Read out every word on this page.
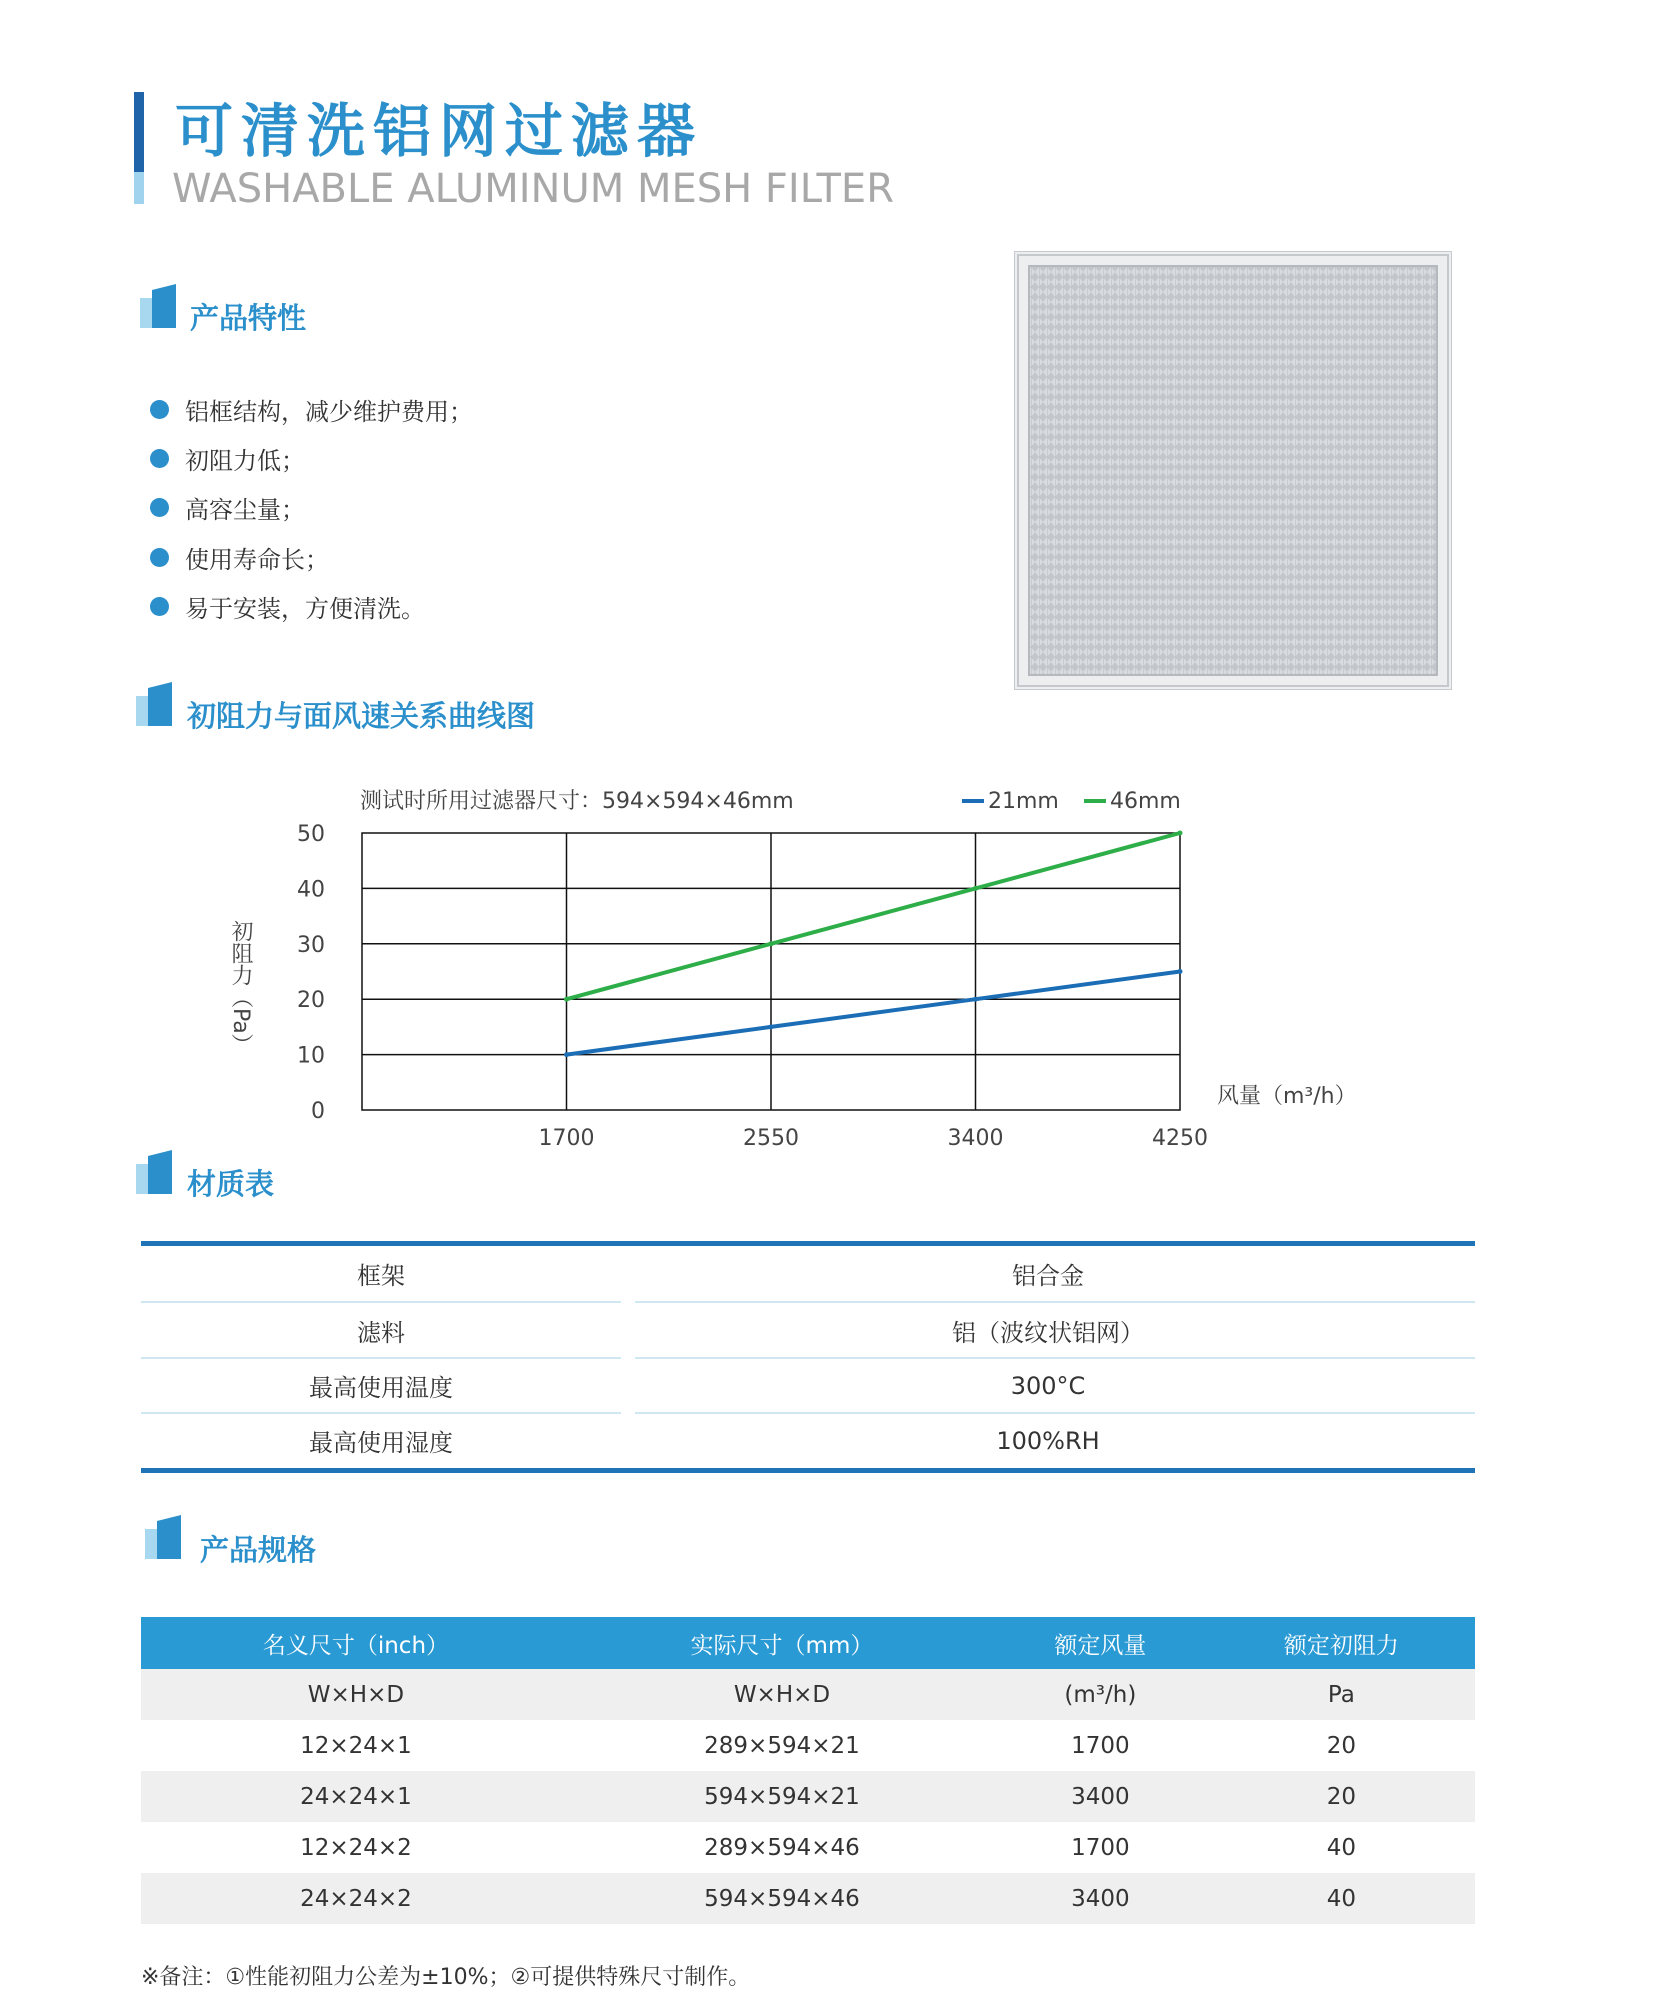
可清洗铝网过滤器
WASHABLE ALUMINUM MESH FILTER
产品特性
铝框结构，减少维护费用；
初阻力低；
高容尘量；
使用寿命长；
易于安装，方便清洗。
初阻力与面风速关系曲线图
测试时所用过滤器尺寸：594×594×46mm	21mm 46mm
0
10
20
30
40
50
1700	2550	3400	4250
风量（m³/h）
初阻力（Pa）
材质表
框架	铝合金
滤料	铝（波纹状铝网）
最高使用温度	300°C
最高使用湿度	100%RH
产品规格
名义尺寸（inch）	实际尺寸（mm）	额定风量	额定初阻力
W×H×D	W×H×D	(m³/h)	Pa
12×24×1	289×594×21	1700	20
24×24×1	594×594×21	3400	20
12×24×2	289×594×46	1700	40
24×24×2	594×594×46	3400	40
※备注：①性能初阻力公差为±10%；②可提供特殊尺寸制作。
